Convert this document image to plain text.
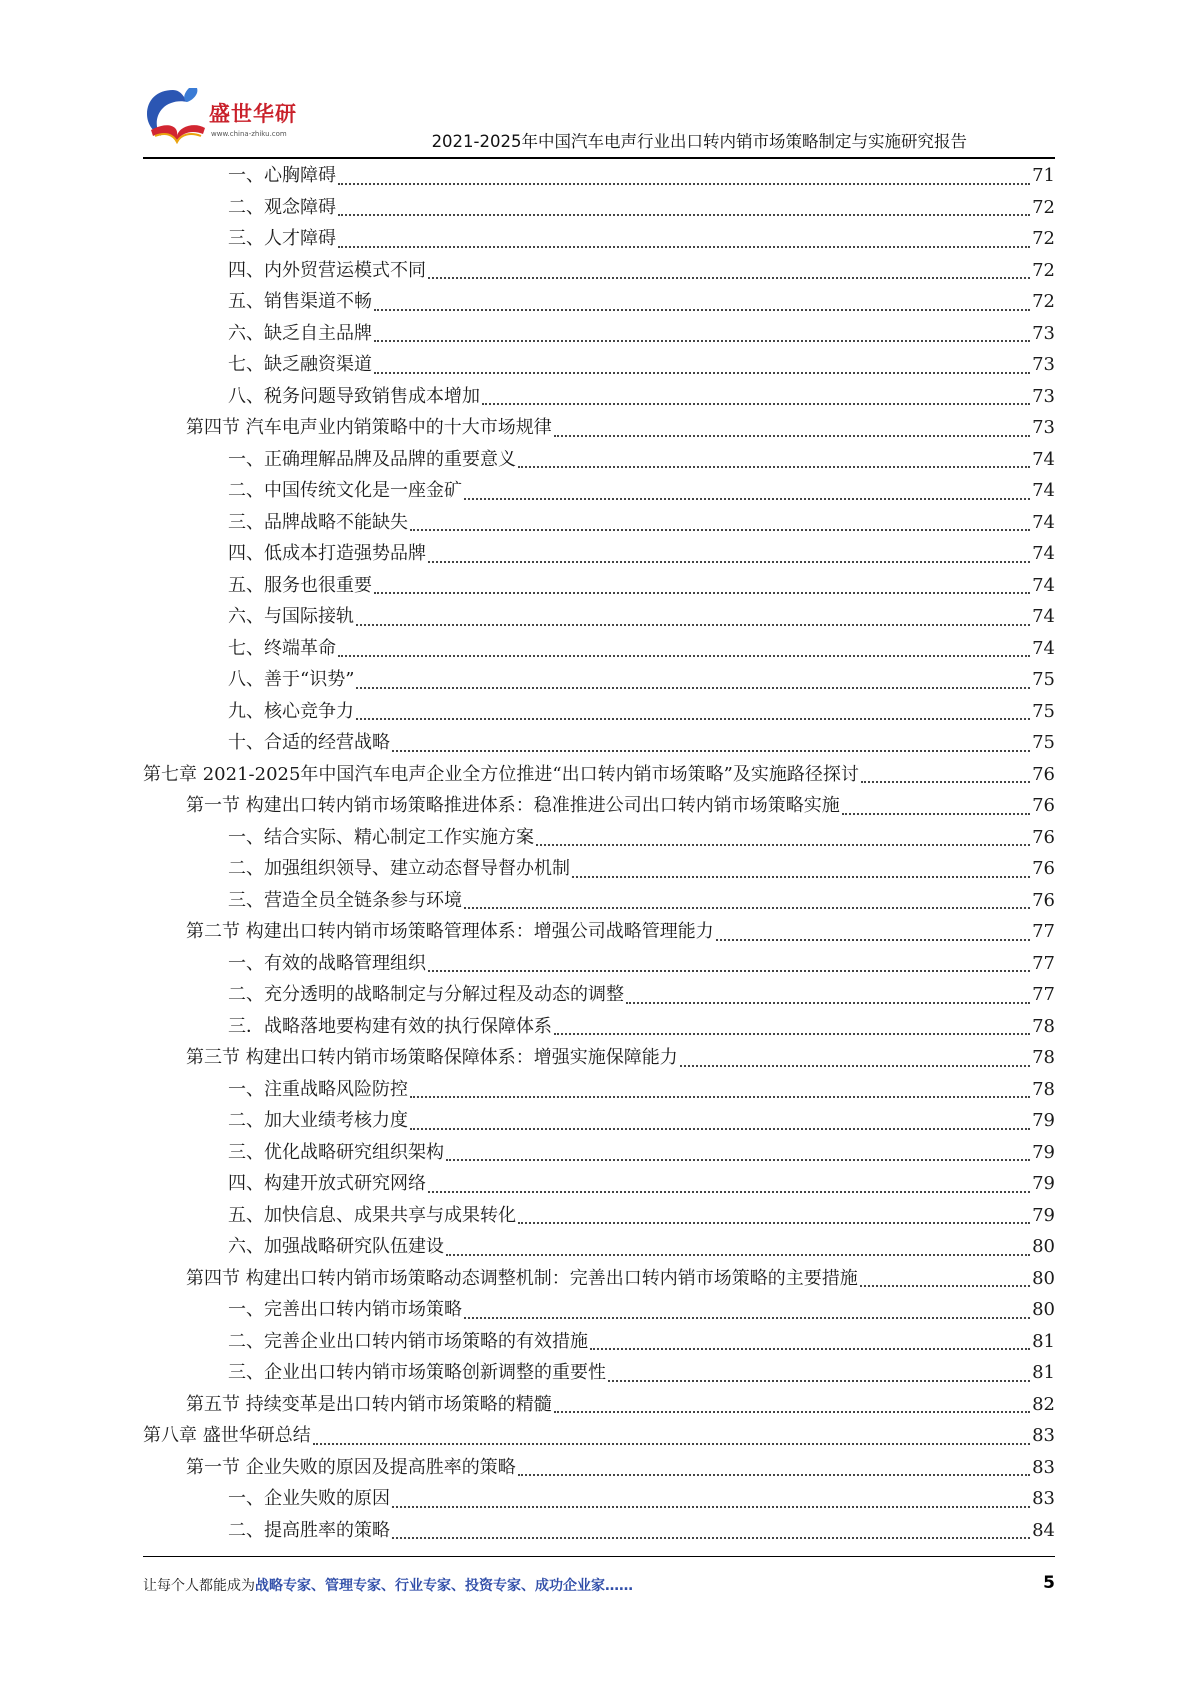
盛世华研
www.china-zhiku.com	2021-2025年中国汽车电声行业出口转内销市场策略制定与实施研究报告
一、心胸障碍	71
二、观念障碍	72
三、人才障碍	72
四、内外贸营运模式不同	72
五、销售渠道不畅	72
六、缺乏自主品牌	73
七、缺乏融资渠道	73
八、税务问题导致销售成本增加	73
第四节 汽车电声业内销策略中的十大市场规律	73
一、正确理解品牌及品牌的重要意义	74
二、中国传统文化是一座金矿	74
三、品牌战略不能缺失	74
四、低成本打造强势品牌	74
五、服务也很重要	74
六、与国际接轨	74
七、终端革命	74
八、善于“识势”	75
九、核心竞争力	75
十、合适的经营战略	75
第七章 2021-2025年中国汽车电声企业全方位推进“出口转内销市场策略”及实施路径探讨	76
第一节 构建出口转内销市场策略推进体系：稳准推进公司出口转内销市场策略实施	76
一、结合实际、精心制定工作实施方案	76
二、加强组织领导、建立动态督导督办机制	76
三、营造全员全链条参与环境	76
第二节 构建出口转内销市场策略管理体系：增强公司战略管理能力	77
一、有效的战略管理组织	77
二、充分透明的战略制定与分解过程及动态的调整	77
三．战略落地要构建有效的执行保障体系	78
第三节 构建出口转内销市场策略保障体系：增强实施保障能力	78
一、注重战略风险防控	78
二、加大业绩考核力度	79
三、优化战略研究组织架构	79
四、构建开放式研究网络	79
五、加快信息、成果共享与成果转化	79
六、加强战略研究队伍建设	80
第四节 构建出口转内销市场策略动态调整机制：完善出口转内销市场策略的主要措施	80
一、完善出口转内销市场策略	80
二、完善企业出口转内销市场策略的有效措施	81
三、企业出口转内销市场策略创新调整的重要性	81
第五节 持续变革是出口转内销市场策略的精髓	82
第八章 盛世华研总结	83
第一节 企业失败的原因及提高胜率的策略	83
一、企业失败的原因	83
二、提高胜率的策略	84
让每个人都能成为战略专家、管理专家、行业专家、投资专家、成功企业家……	5
